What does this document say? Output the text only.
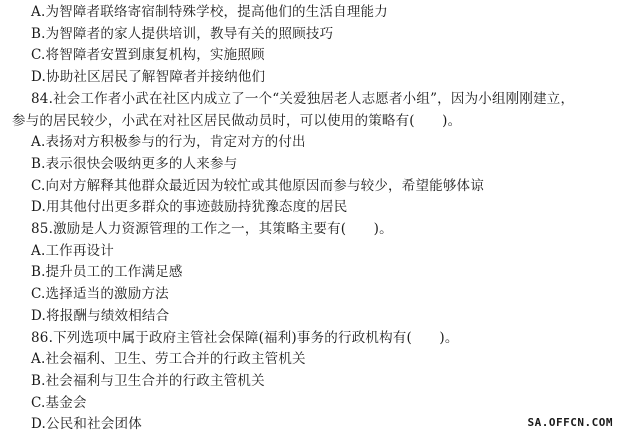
A.为智障者联络寄宿制特殊学校，提高他们的生活自理能力
B.为智障者的家人提供培训，教导有关的照顾技巧
C.将智障者安置到康复机构，实施照顾
D.协助社区居民了解智障者并接纳他们
84.社会工作者小武在社区内成立了一个“关爱独居老人志愿者小组”，因为小组刚刚建立，
参与的居民较少，小武在对社区居民做动员时，可以使用的策略有(　　)。
A.表扬对方积极参与的行为，肯定对方的付出
B.表示很快会吸纳更多的人来参与
C.向对方解释其他群众最近因为较忙或其他原因而参与较少，希望能够体谅
D.用其他付出更多群众的事迹鼓励持犹豫态度的居民
85.激励是人力资源管理的工作之一，其策略主要有(　　)。
A.工作再设计
B.提升员工的工作满足感
C.选择适当的激励方法
D.将报酬与绩效相结合
86.下列选项中属于政府主管社会保障(福利)事务的行政机构有(　　)。
A.社会福利、卫生、劳工合并的行政主管机关
B.社会福利与卫生合并的行政主管机关
C.基金会
SA.OFFCN.COM
D.公民和社会团体
